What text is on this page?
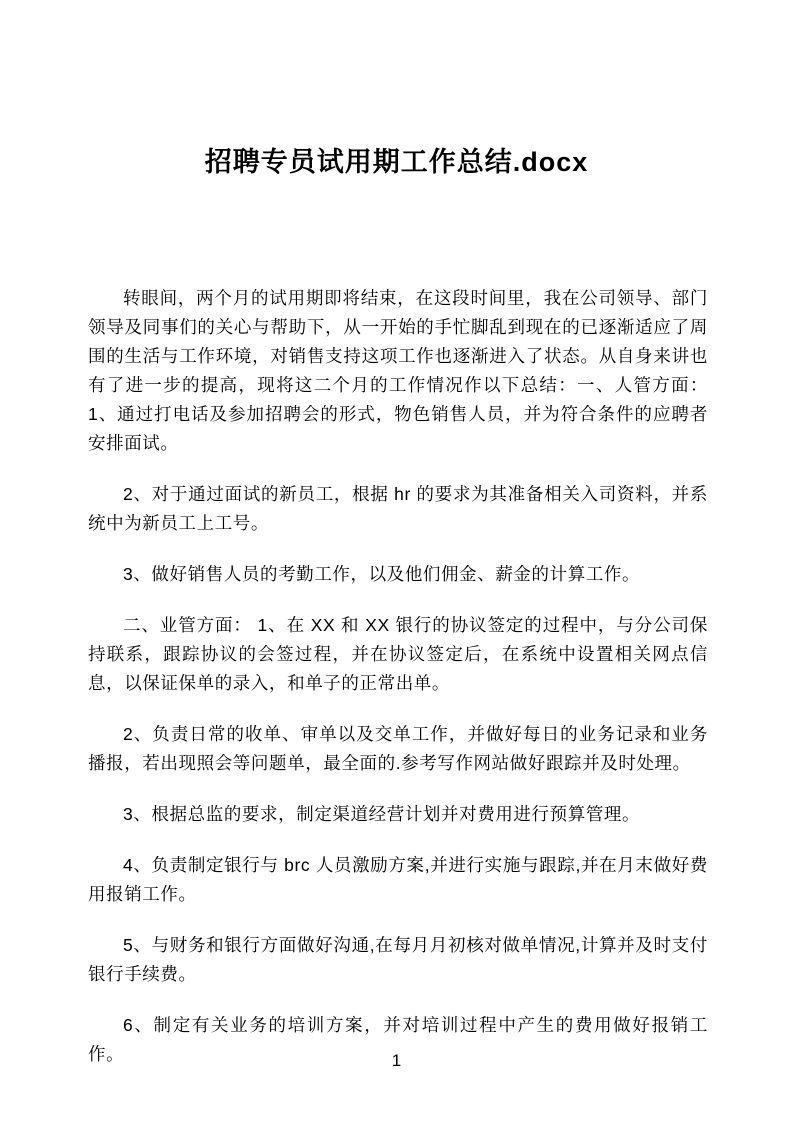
招聘专员试用期工作总结.docx

转眼间，两个月的试用期即将结束，在这段时间里，我在公司领导、部门领导及同事们的关心与帮助下，从一开始的手忙脚乱到现在的已逐渐适应了周围的生活与工作环境，对销售支持这项工作也逐渐进入了状态。从自身来讲也有了进一步的提高，现将这二个月的工作情况作以下总结：一、人管方面：1、通过打电话及参加招聘会的形式，物色销售人员，并为符合条件的应聘者安排面试。

2、对于通过面试的新员工，根据 hr 的要求为其准备相关入司资料，并系统中为新员工上工号。

3、做好销售人员的考勤工作，以及他们佣金、薪金的计算工作。

二、业管方面： 1、在 XX 和 XX 银行的协议签定的过程中，与分公司保持联系，跟踪协议的会签过程，并在协议签定后，在系统中设置相关网点信息，以保证保单的录入，和单子的正常出单。

2、负责日常的收单、审单以及交单工作，并做好每日的业务记录和业务播报，若出现照会等问题单，最全面的.参考写作网站做好跟踪并及时处理。

3、根据总监的要求，制定渠道经营计划并对费用进行预算管理。

4、负责制定银行与 brc 人员激励方案,并进行实施与跟踪,并在月末做好费用报销工作。

5、与财务和银行方面做好沟通,在每月月初核对做单情况,计算并及时支付银行手续费。

6、制定有关业务的培训方案，并对培训过程中产生的费用做好报销工作。	1
